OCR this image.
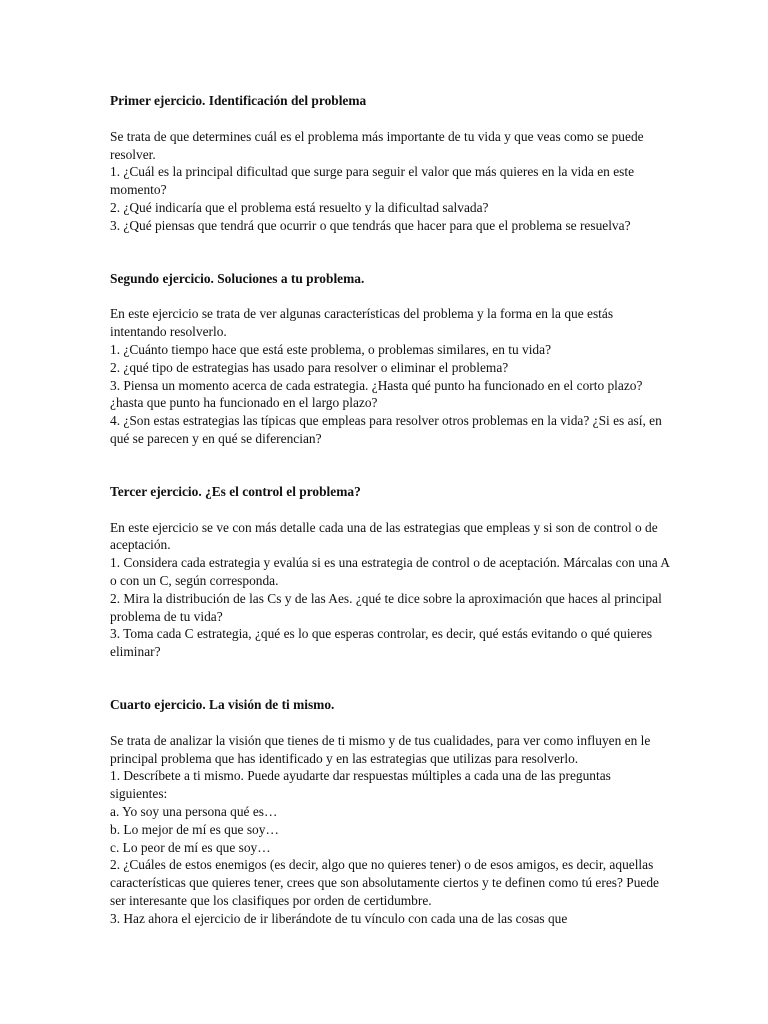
Primer ejercicio. Identificación del problema

Se trata de que determines cuál es el problema más importante de tu vida y que veas como se puede resolver.

1. ¿Cuál es la principal dificultad que surge para seguir el valor que más quieres en la vida en este momento?

2. ¿Qué indicaría que el problema está resuelto y la dificultad salvada?

3. ¿Qué piensas que tendrá que ocurrir o que tendrás que hacer para que el problema se resuelva?

Segundo ejercicio. Soluciones a tu problema.

En este ejercicio se trata de ver algunas características del problema y la forma en la que estás intentando resolverlo.

1. ¿Cuánto tiempo hace que está este problema, o problemas similares, en tu vida?

2. ¿qué tipo de estrategias has usado para resolver o eliminar el problema?

3. Piensa un momento acerca de cada estrategia. ¿Hasta qué punto ha funcionado en el corto plazo? ¿hasta que punto ha funcionado en el largo plazo?

4. ¿Son estas estrategias las típicas que empleas para resolver otros problemas en la vida? ¿Si es así, en qué se parecen y en qué se diferencian?

Tercer ejercicio. ¿Es el control el problema?

En este ejercicio se ve con más detalle cada una de las estrategias que empleas y si son de control o de aceptación.

1. Considera cada estrategia y evalúa si es una estrategia de control o de aceptación. Márcalas con una A o con un C, según corresponda.

2. Mira la distribución de las Cs y de las Aes. ¿qué te dice sobre la aproximación que haces al principal problema de tu vida?

3. Toma cada C estrategia, ¿qué es lo que esperas controlar, es decir, qué estás evitando o qué quieres eliminar?

Cuarto ejercicio. La visión de ti mismo.

Se trata de analizar la visión que tienes de ti mismo y de tus cualidades, para ver como influyen en le principal problema que has identificado y en las estrategias que utilizas para resolverlo.

1. Descríbete a ti mismo. Puede ayudarte dar respuestas múltiples a cada una de las preguntas siguientes:

a. Yo soy una persona qué es…

b. Lo mejor de mí es que soy…

c. Lo peor de mí es que soy…

2. ¿Cuáles de estos enemigos (es decir, algo que no quieres tener) o de esos amigos, es decir, aquellas características que quieres tener, crees que son absolutamente ciertos y te definen como tú eres? Puede ser interesante que los clasifiques por orden de certidumbre.

3. Haz ahora el ejercicio de ir liberándote de tu vínculo con cada una de las cosas que
